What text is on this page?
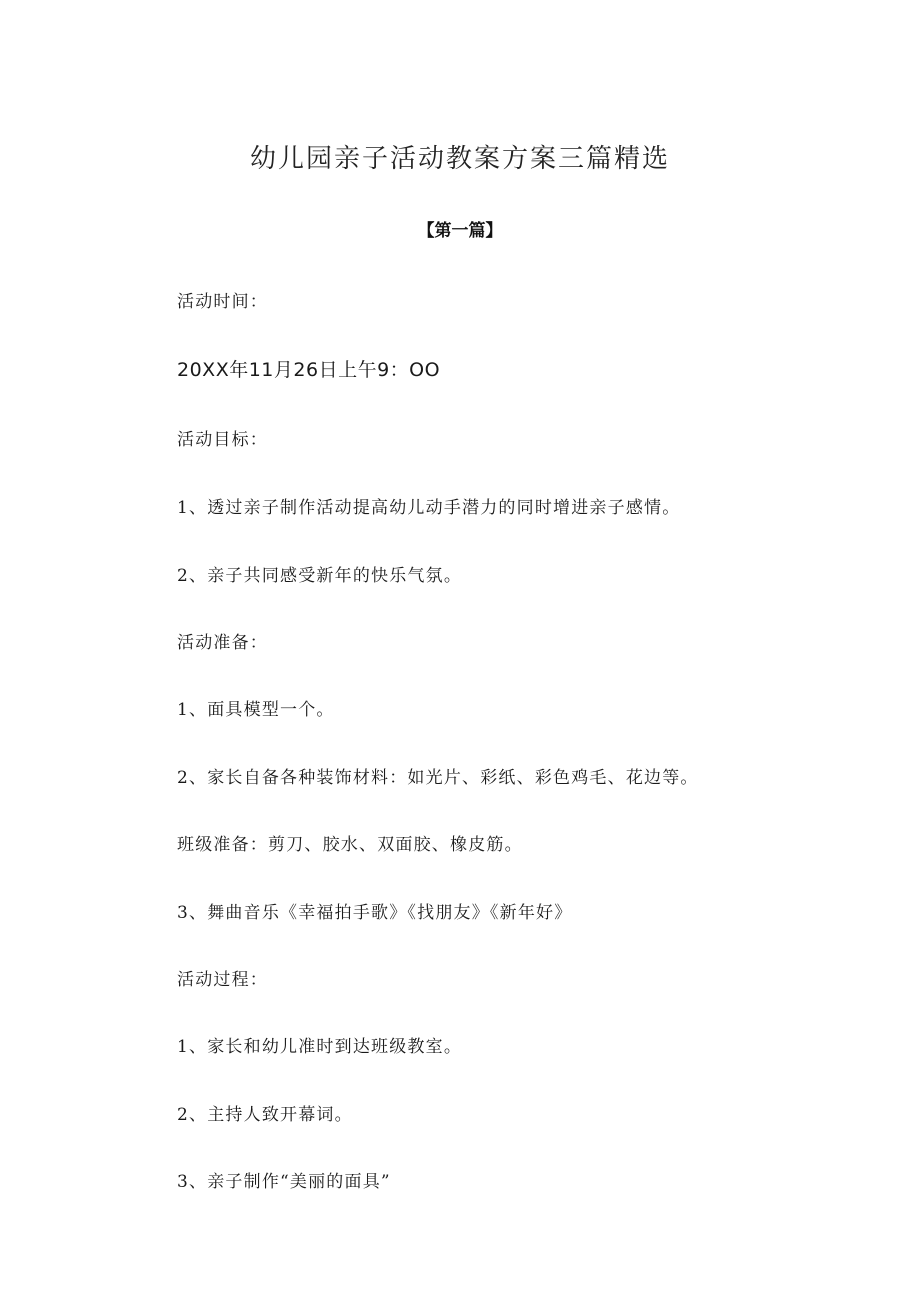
幼儿园亲子活动教案方案三篇精选
【第一篇】
活动时间：
20XX年11月26日上午9：OO
活动目标：
1、透过亲子制作活动提高幼儿动手潜力的同时增进亲子感情。
2、亲子共同感受新年的快乐气氛。
活动准备：
1、面具模型一个。
2、家长自备各种装饰材料：如光片、彩纸、彩色鸡毛、花边等。
班级准备：剪刀、胶水、双面胶、橡皮筋。
3、舞曲音乐《幸福拍手歌》《找朋友》《新年好》
活动过程：
1、家长和幼儿准时到达班级教室。
2、主持人致开幕词。
3、亲子制作“美丽的面具”
